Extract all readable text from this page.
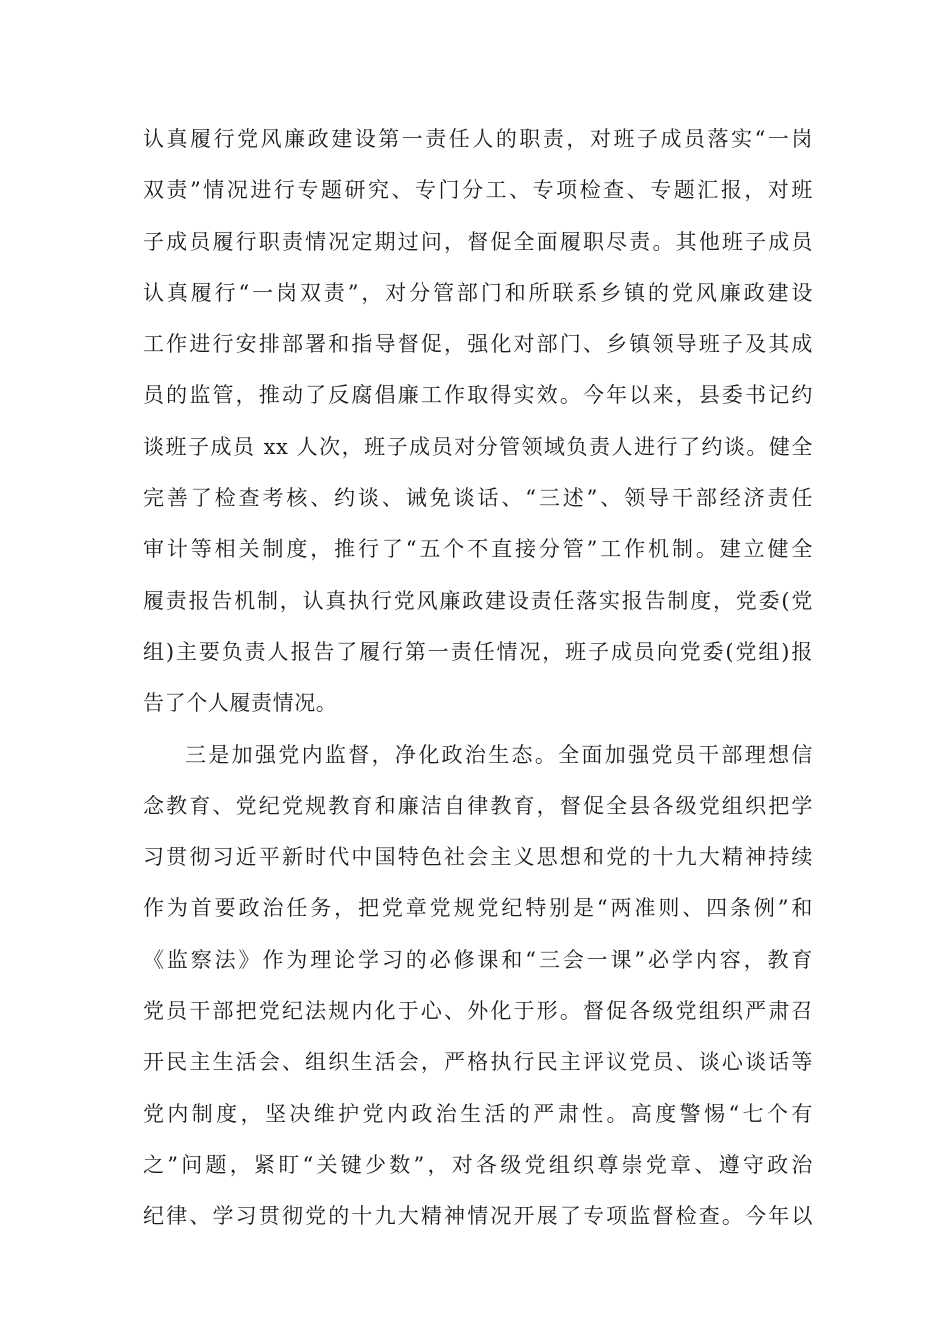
认真履行党风廉政建设第一责任人的职责，对班子成员落实“一岗
双责”情况进行专题研究、专门分工、专项检查、专题汇报，对班
子成员履行职责情况定期过问，督促全面履职尽责。其他班子成员
认真履行“一岗双责”，对分管部门和所联系乡镇的党风廉政建设
工作进行安排部署和指导督促，强化对部门、乡镇领导班子及其成
员的监管，推动了反腐倡廉工作取得实效。今年以来，县委书记约
谈班子成员 xx 人次，班子成员对分管领域负责人进行了约谈。健全
完善了检查考核、约谈、诫免谈话、“三述”、领导干部经济责任
审计等相关制度，推行了“五个不直接分管”工作机制。建立健全
履责报告机制，认真执行党风廉政建设责任落实报告制度，党委(党
组)主要负责人报告了履行第一责任情况，班子成员向党委(党组)报
告了个人履责情况。
三是加强党内监督，净化政治生态。全面加强党员干部理想信
念教育、党纪党规教育和廉洁自律教育，督促全县各级党组织把学
习贯彻习近平新时代中国特色社会主义思想和党的十九大精神持续
作为首要政治任务，把党章党规党纪特别是“两准则、四条例”和
《监察法》作为理论学习的必修课和“三会一课”必学内容，教育
党员干部把党纪法规内化于心、外化于形。督促各级党组织严肃召
开民主生活会、组织生活会，严格执行民主评议党员、谈心谈话等
党内制度，坚决维护党内政治生活的严肃性。高度警惕“七个有
之”问题，紧盯“关键少数”，对各级党组织尊崇党章、遵守政治
纪律、学习贯彻党的十九大精神情况开展了专项监督检查。今年以
